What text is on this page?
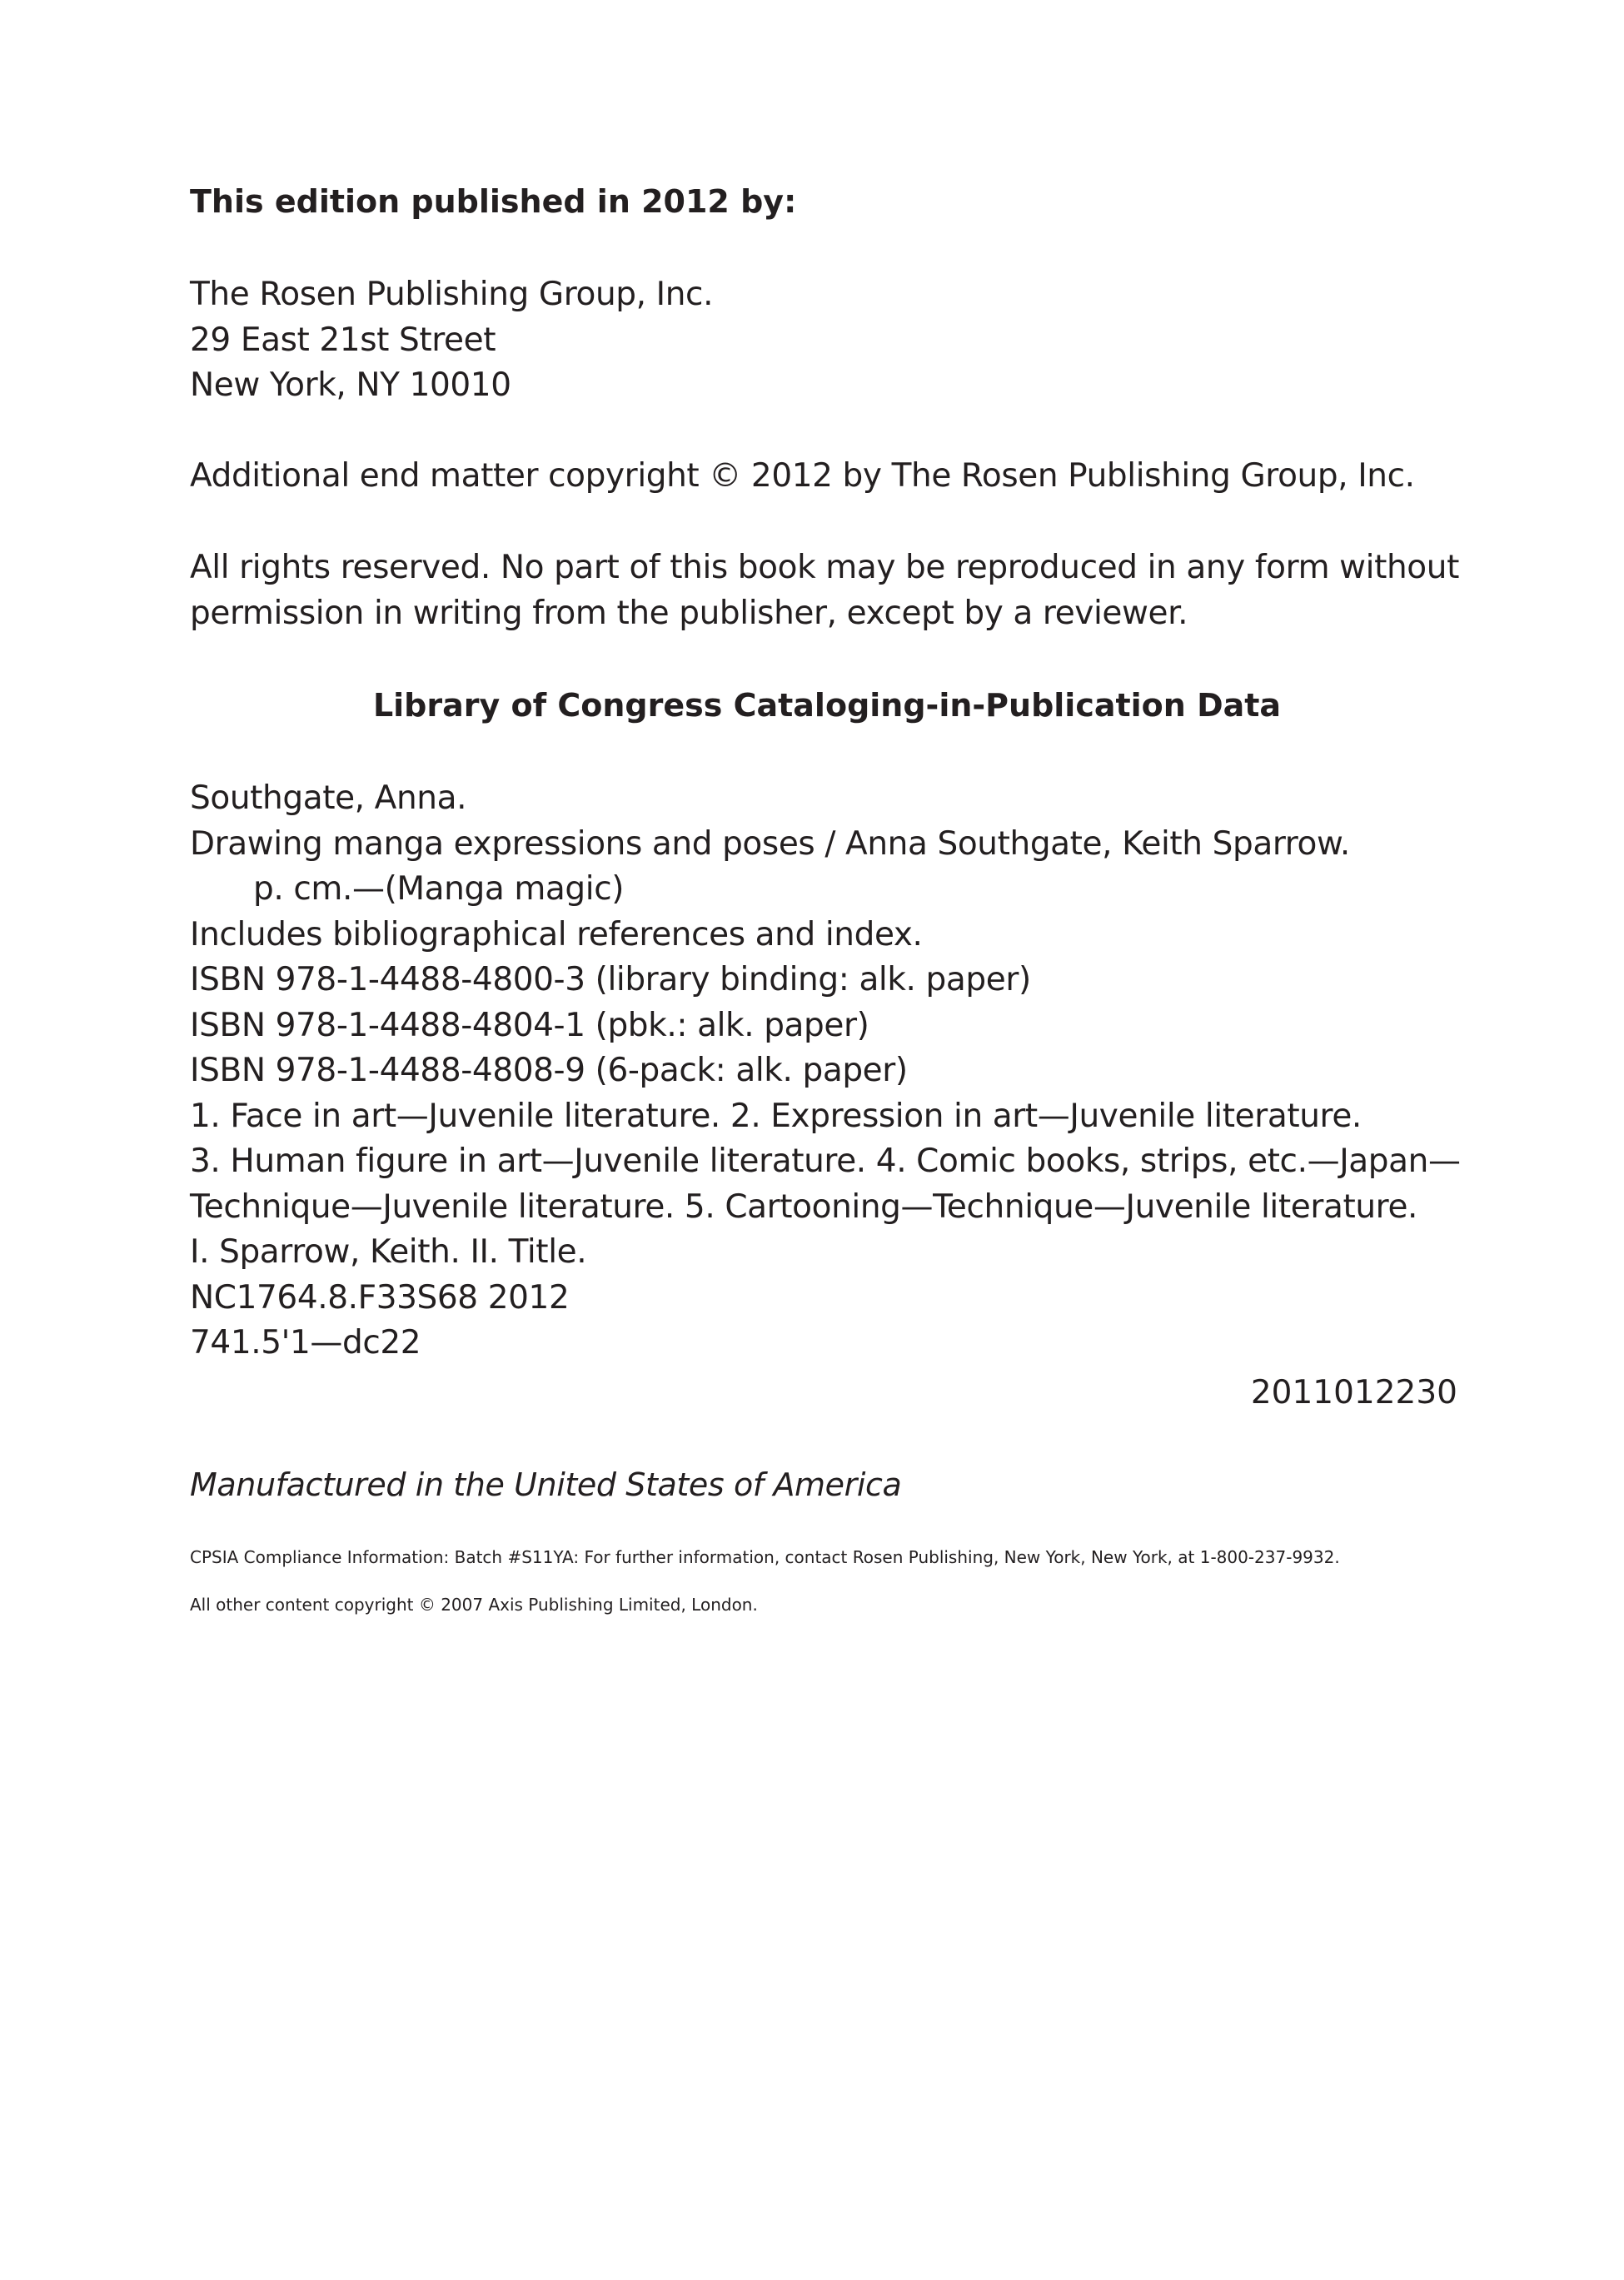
This edition published in 2012 by:
The Rosen Publishing Group, Inc.
29 East 21st Street
New York, NY 10010
Additional end matter copyright © 2012 by The Rosen Publishing Group, Inc.
All rights reserved. No part of this book may be reproduced in any form without
permission in writing from the publisher, except by a reviewer.
Library of Congress Cataloging-in-Publication Data
Southgate, Anna.
Drawing manga expressions and poses / Anna Southgate, Keith Sparrow.
p. cm.—(Manga magic)
Includes bibliographical references and index.
ISBN 978-1-4488-4800-3 (library binding: alk. paper)
ISBN 978-1-4488-4804-1 (pbk.: alk. paper)
ISBN 978-1-4488-4808-9 (6-pack: alk. paper)
1. Face in art—Juvenile literature. 2. Expression in art—Juvenile literature.
3. Human figure in art—Juvenile literature. 4. Comic books, strips, etc.—Japan—
Technique—Juvenile literature. 5. Cartooning—Technique—Juvenile literature.
I. Sparrow, Keith. II. Title.
NC1764.8.F33S68 2012
741.5'1—dc22
2011012230
Manufactured in the United States of America
CPSIA Compliance Information: Batch #S11YA: For further information, contact Rosen Publishing, New York, New York, at 1-800-237-9932.
All other content copyright © 2007 Axis Publishing Limited, London.
